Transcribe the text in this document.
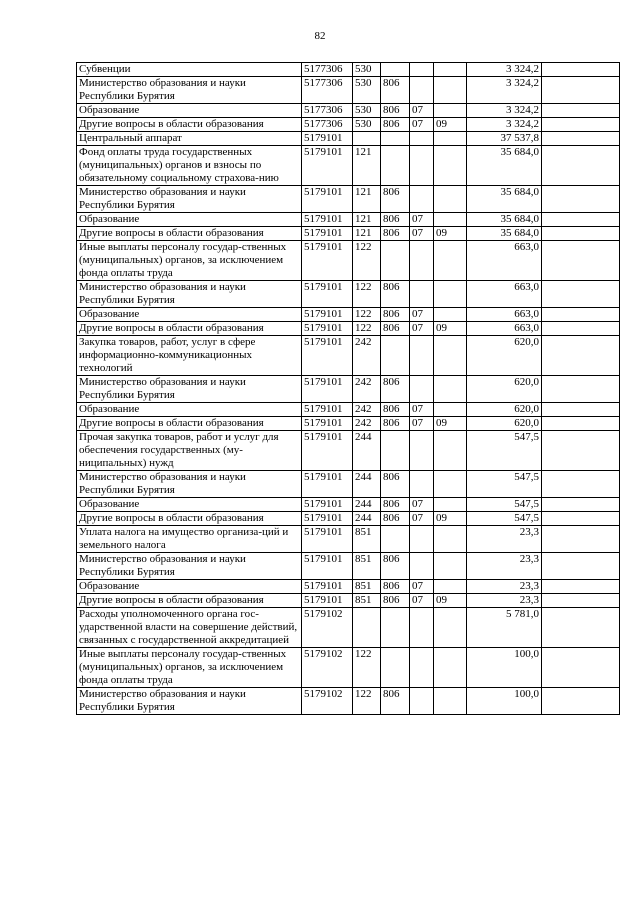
82
Субвенции	5177306	530				3 324,2	
Министерство образования и науки Республики Бурятия	5177306	530	806			3 324,2	
Образование	5177306	530	806	07		3 324,2	
Другие вопросы в области образования	5177306	530	806	07	09	3 324,2	
Центральный аппарат	5179101					37 537,8	
Фонд оплаты труда государственных (муниципальных) органов и взносы по обязательному социальному страхова-нию	5179101	121				35 684,0	
Министерство образования и науки Республики Бурятия	5179101	121	806			35 684,0	
Образование	5179101	121	806	07		35 684,0	
Другие вопросы в области образования	5179101	121	806	07	09	35 684,0	
Иные выплаты персоналу государ-ственных (муниципальных) органов, за исключением фонда оплаты труда	5179101	122				663,0	
Министерство образования и науки Республики Бурятия	5179101	122	806			663,0	
Образование	5179101	122	806	07		663,0	
Другие вопросы в области образования	5179101	122	806	07	09	663,0	
Закупка товаров, работ, услуг в сфере информационно-коммуникационных технологий	5179101	242				620,0	
Министерство образования и науки Республики Бурятия	5179101	242	806			620,0	
Образование	5179101	242	806	07		620,0	
Другие вопросы в области образования	5179101	242	806	07	09	620,0	
Прочая закупка товаров, работ и услуг для обеспечения государственных (му-ниципальных) нужд	5179101	244				547,5	
Министерство образования и науки Республики Бурятия	5179101	244	806			547,5	
Образование	5179101	244	806	07		547,5	
Другие вопросы в области образования	5179101	244	806	07	09	547,5	
Уплата налога на имущество организа-ций и земельного налога	5179101	851				23,3	
Министерство образования и науки Республики Бурятия	5179101	851	806			23,3	
Образование	5179101	851	806	07		23,3	
Другие вопросы в области образования	5179101	851	806	07	09	23,3	
Расходы уполномоченного органа гос-ударственной власти на совершение действий, связанных с государственной аккредитацией	5179102					5 781,0	
Иные выплаты персоналу государ-ственных (муниципальных) органов, за исключением фонда оплаты труда	5179102	122				100,0	
Министерство образования и науки Республики Бурятия	5179102	122	806			100,0	
